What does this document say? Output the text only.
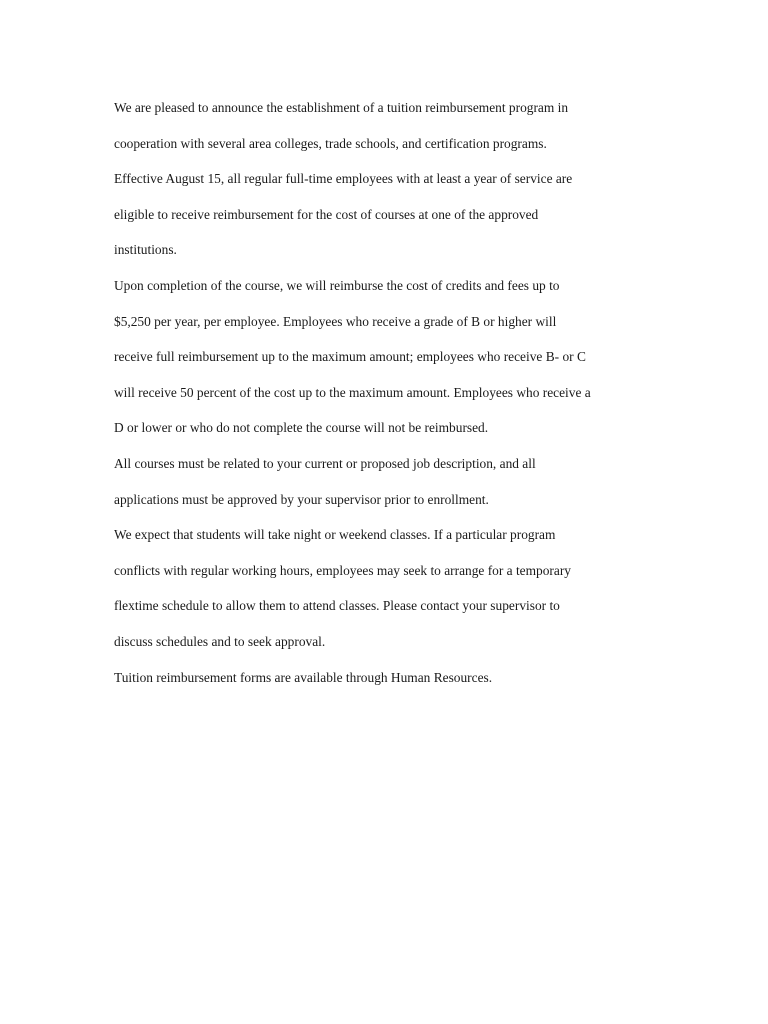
We are pleased to announce the establishment of a tuition reimbursement program in
cooperation with several area colleges, trade schools, and certification programs.
Effective August 15, all regular full-time employees with at least a year of service are
eligible to receive reimbursement for the cost of courses at one of the approved
institutions.
Upon completion of the course, we will reimburse the cost of credits and fees up to
$5,250 per year, per employee. Employees who receive a grade of B or higher will
receive full reimbursement up to the maximum amount; employees who receive B- or C
will receive 50 percent of the cost up to the maximum amount. Employees who receive a
D or lower or who do not complete the course will not be reimbursed.
All courses must be related to your current or proposed job description, and all
applications must be approved by your supervisor prior to enrollment.
We expect that students will take night or weekend classes. If a particular program
conflicts with regular working hours, employees may seek to arrange for a temporary
flextime schedule to allow them to attend classes. Please contact your supervisor to
discuss schedules and to seek approval.
Tuition reimbursement forms are available through Human Resources.
